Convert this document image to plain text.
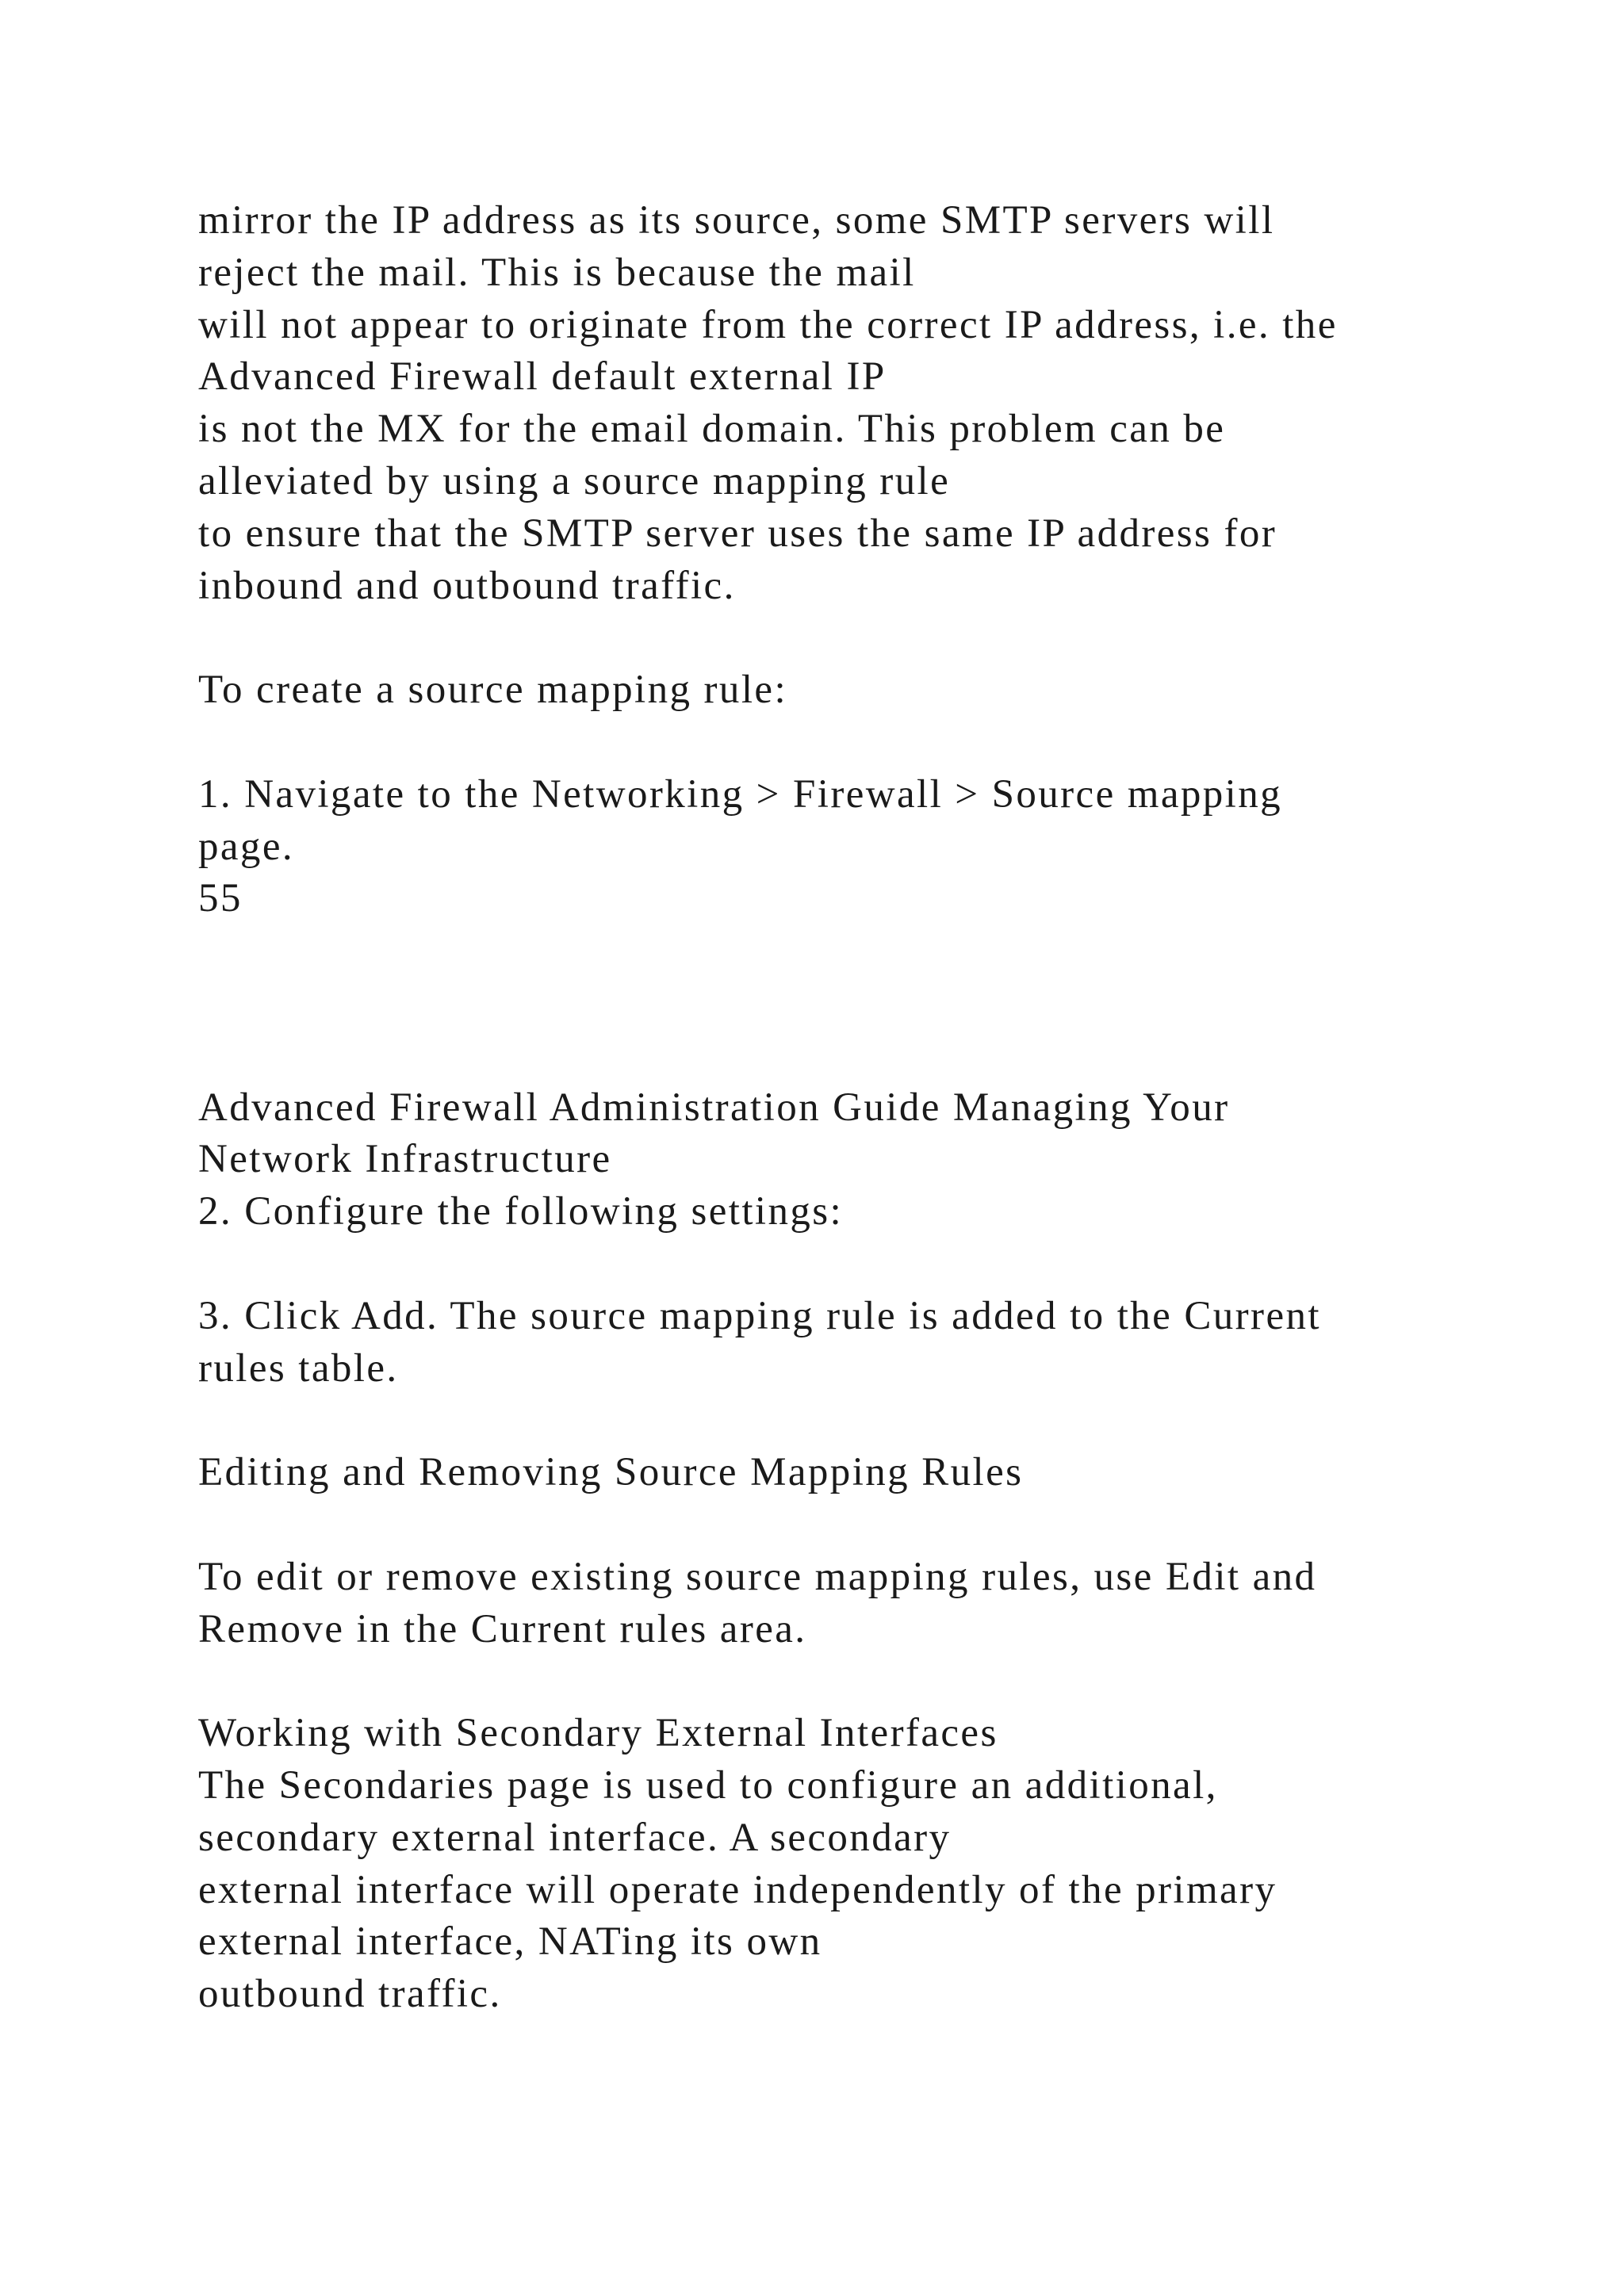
mirror the IP address as its source, some SMTP servers will
reject the mail. This is because the mail
will not appear to originate from the correct IP address, i.e. the
Advanced Firewall default external IP
is not the MX for the email domain. This problem can be
alleviated by using a source mapping rule
to ensure that the SMTP server uses the same IP address for
inbound and outbound traffic.
To create a source mapping rule:
1. Navigate to the Networking > Firewall > Source mapping
page.
55
Advanced Firewall Administration Guide Managing Your
Network Infrastructure
2. Configure the following settings:
3. Click Add. The source mapping rule is added to the Current
rules table.
Editing and Removing Source Mapping Rules
To edit or remove existing source mapping rules, use Edit and
Remove in the Current rules area.
Working with Secondary External Interfaces
The Secondaries page is used to configure an additional,
secondary external interface. A secondary
external interface will operate independently of the primary
external interface, NATing its own
outbound traffic.
